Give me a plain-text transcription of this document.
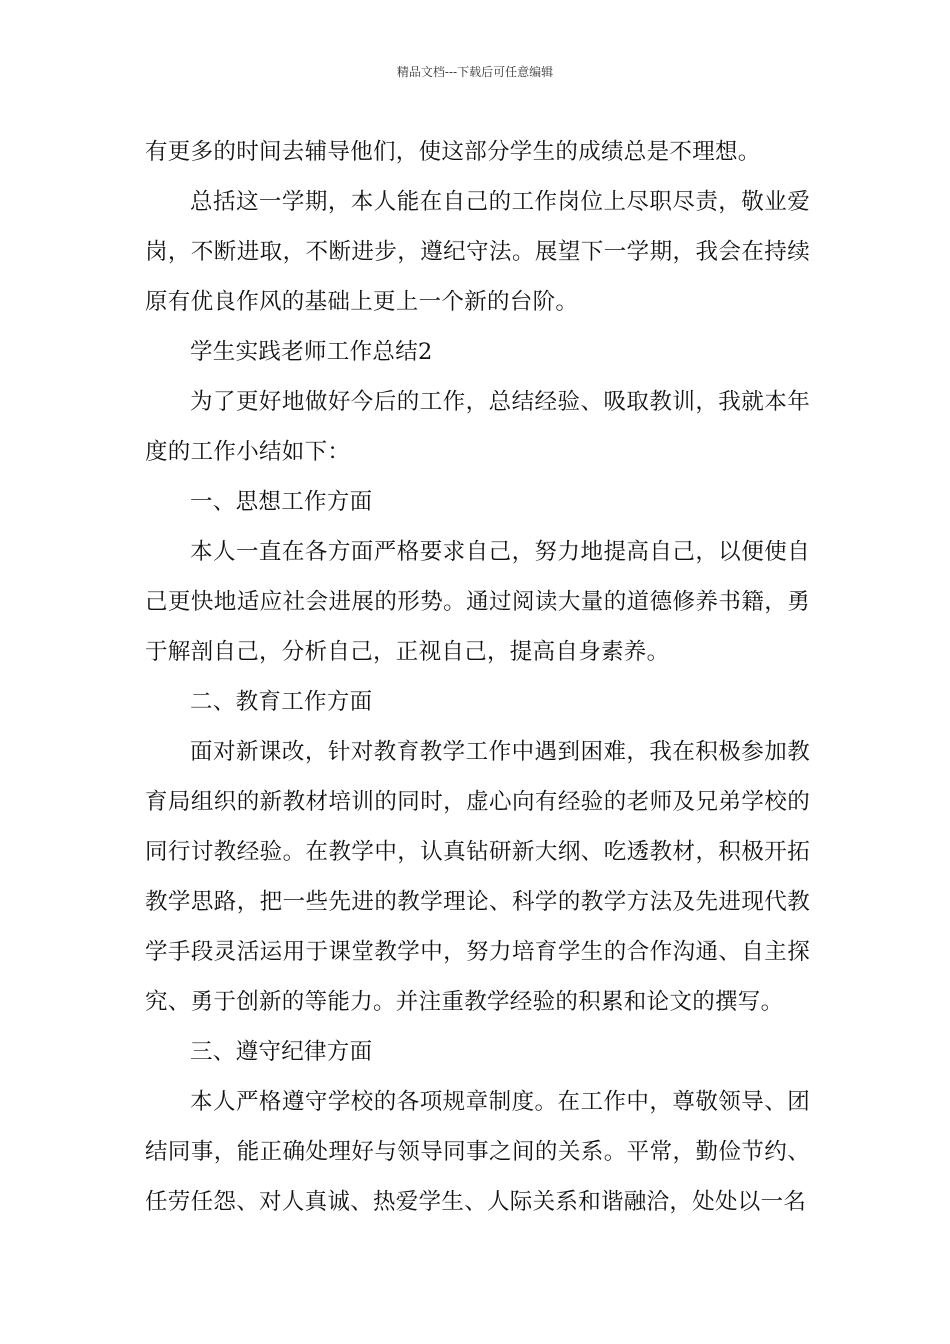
精品文档---下载后可任意编辑

有更多的时间去辅导他们，使这部分学生的成绩总是不理想。

总括这一学期，本人能在自己的工作岗位上尽职尽责，敬业爱岗，不断进取，不断进步，遵纪守法。展望下一学期，我会在持续原有优良作风的基础上更上一个新的台阶。

学生实践老师工作总结2

为了更好地做好今后的工作，总结经验、吸取教训，我就本年度的工作小结如下：

一、思想工作方面

本人一直在各方面严格要求自己，努力地提高自己，以便使自己更快地适应社会进展的形势。通过阅读大量的道德修养书籍，勇于解剖自己，分析自己，正视自己，提高自身素养。

二、教育工作方面

面对新课改，针对教育教学工作中遇到困难，我在积极参加教育局组织的新教材培训的同时，虚心向有经验的老师及兄弟学校的同行讨教经验。在教学中，认真钻研新大纲、吃透教材，积极开拓教学思路，把一些先进的教学理论、科学的教学方法及先进现代教学手段灵活运用于课堂教学中，努力培育学生的合作沟通、自主探究、勇于创新的等能力。并注重教学经验的积累和论文的撰写。

三、遵守纪律方面

本人严格遵守学校的各项规章制度。在工作中，尊敬领导、团结同事，能正确处理好与领导同事之间的关系。平常，勤俭节约、任劳任怨、对人真诚、热爱学生、人际关系和谐融洽，处处以一名
